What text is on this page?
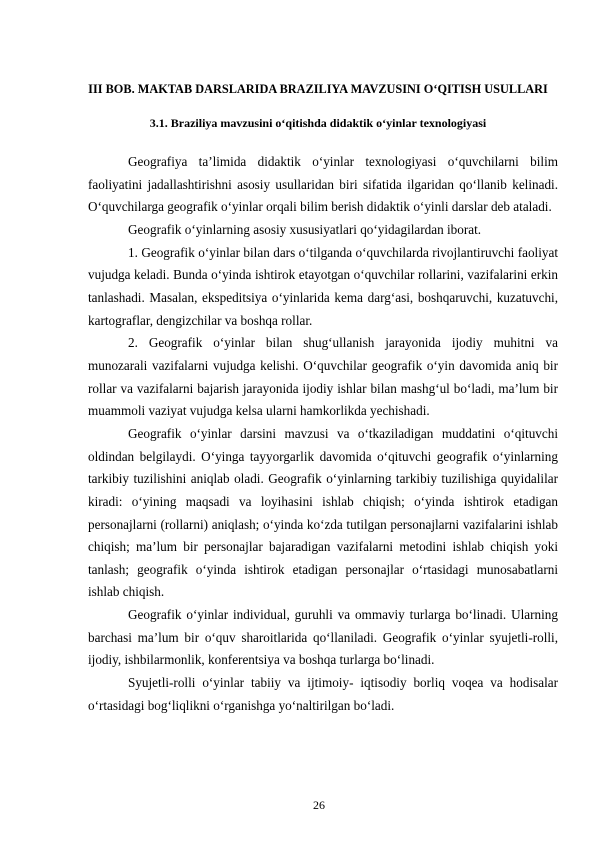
III BOB. MAKTAB DARSLARIDA BRAZILIYA MAVZUSINI O‘QITISH USULLARI
3.1. Braziliya mavzusini o‘qitishda didaktik o‘yinlar texnologiyasi

Geografiya ta’limida didaktik o‘yinlar texnologiyasi o‘quvchilarni bilim faoliyatini jadallashtirishni asosiy usullaridan biri sifatida ilgaridan qo‘llanib kelinadi. O‘quvchilarga geografik o‘yinlar orqali bilim berish didaktik o‘yinli darslar deb ataladi.

Geografik o‘yinlarning asosiy xususiyatlari qo‘yidagilardan iborat.

1. Geografik o‘yinlar bilan dars o‘tilganda o‘quvchilarda rivojlantiruvchi faoliyat vujudga keladi. Bunda o‘yinda ishtirok etayotgan o‘quvchilar rollarini, vazifalarini erkin tanlashadi. Masalan, ekspeditsiya o‘yinlarida kema darg‘asi, boshqaruvchi, kuzatuvchi, kartograflar, dengizchilar va boshqa rollar.

2. Geografik o‘yinlar bilan shug‘ullanish jarayonida ijodiy muhitni va munozarali vazifalarni vujudga kelishi. O‘quvchilar geografik o‘yin davomida aniq bir rollar va vazifalarni bajarish jarayonida ijodiy ishlar bilan mashg‘ul bo‘ladi, ma’lum bir muammoli vaziyat vujudga kelsa ularni hamkorlikda yechishadi.

Geografik o‘yinlar darsini mavzusi va o‘tkaziladigan muddatini o‘qituvchi oldindan belgilaydi. O‘yinga tayyorgarlik davomida o‘qituvchi geografik o‘yinlarning tarkibiy tuzilishini aniqlab oladi. Geografik o‘yinlarning tarkibiy tuzilishiga quyidalilar kiradi: o‘yining maqsadi va loyihasini ishlab chiqish; o‘yinda ishtirok etadigan personajlarni (rollarni) aniqlash; o‘yinda ko‘zda tutilgan personajlarni vazifalarini ishlab chiqish; ma’lum bir personajlar bajaradigan vazifalarni metodini ishlab chiqish yoki tanlash; geografik o‘yinda ishtirok etadigan personajlar o‘rtasidagi munosabatlarni ishlab chiqish.

Geografik o‘yinlar individual, guruhli va ommaviy turlarga bo‘linadi. Ularning barchasi ma’lum bir o‘quv sharoitlarida qo‘llaniladi. Geografik o‘yinlar syujetli-rolli, ijodiy, ishbilarmonlik, konferentsiya va boshqa turlarga bo‘linadi.

Syujetli-rolli o‘yinlar tabiiy va ijtimoiy- iqtisodiy borliq voqea va hodisalar o‘rtasidagi bog‘liqlikni o‘rganishga yo‘naltirilgan bo‘ladi.

26
